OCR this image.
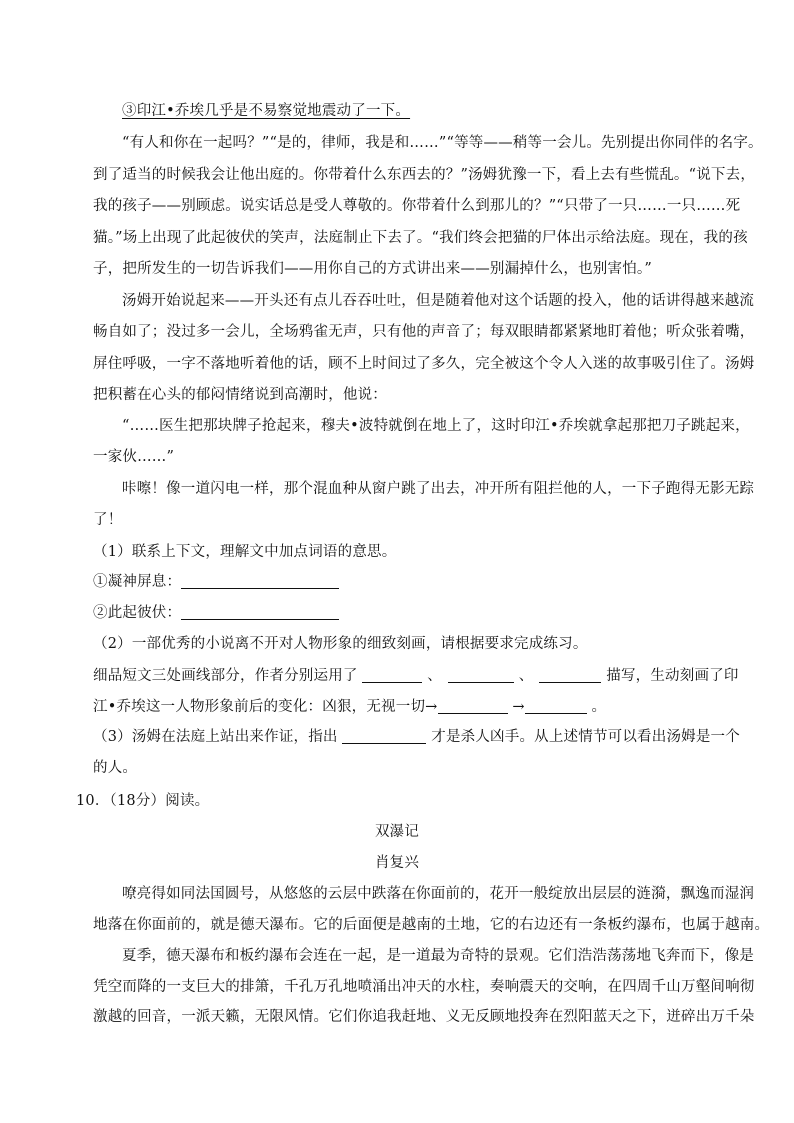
③印江•乔埃几乎是不易察觉地震动了一下。
“有人和你在一起吗？”“是的，律师，我是和……”“等等——稍等一会儿。先别提出你同伴的名字。
到了适当的时候我会让他出庭的。你带着什么东西去的？”汤姆犹豫一下，看上去有些慌乱。“说下去，
我的孩子——别顾虑。说实话总是受人尊敬的。你带着什么到那儿的？”“只带了一只……一只……死
猫。”场上出现了此起彼伏的笑声，法庭制止下去了。“我们终会把猫的尸体出示给法庭。现在，我的孩
子，把所发生的一切告诉我们——用你自己的方式讲出来——别漏掉什么，也别害怕。”
汤姆开始说起来——开头还有点儿吞吞吐吐，但是随着他对这个话题的投入，他的话讲得越来越流
畅自如了；没过多一会儿，全场鸦雀无声，只有他的声音了；每双眼睛都紧紧地盯着他；听众张着嘴，
屏住呼吸，一字不落地听着他的话，顾不上时间过了多久，完全被这个令人入迷的故事吸引住了。汤姆
把积蓄在心头的郁闷情绪说到高潮时，他说：
“……医生把那块牌子抢起来，穆夫•波特就倒在地上了，这时印江•乔埃就拿起那把刀子跳起来，
一家伙……”
咔嚓！像一道闪电一样，那个混血种从窗户跳了出去，冲开所有阻拦他的人，一下子跑得无影无踪
了！
（1）联系上下文，理解文中加点词语的意思。
①凝神屏息：
②此起彼伏：
（2）一部优秀的小说离不开对人物形象的细致刻画，请根据要求完成练习。
细品短文三处画线部分，作者分别运用了	、	、	描写，生动刻画了印
江•乔埃这一人物形象前后的变化：凶狠，无视一切→	→	。
（3）汤姆在法庭上站出来作证，指出	才是杀人凶手。从上述情节可以看出汤姆是一个
的人。
10．（18分）阅读。
双瀑记
肖复兴
嘹亮得如同法国圆号，从悠悠的云层中跌落在你面前的，花开一般绽放出层层的涟漪，飘逸而湿润
地落在你面前的，就是德天瀑布。它的后面便是越南的土地，它的右边还有一条板约瀑布，也属于越南。
夏季，德天瀑布和板约瀑布会连在一起，是一道最为奇特的景观。它们浩浩荡荡地飞奔而下，像是
凭空而降的一支巨大的排箫，千孔万孔地喷涌出冲天的水柱，奏响震天的交响，在四周千山万壑间响彻
激越的回音，一派天籁，无限风情。它们你追我赶地、义无反顾地投奔在烈阳蓝天之下，迸碎出万千朵
